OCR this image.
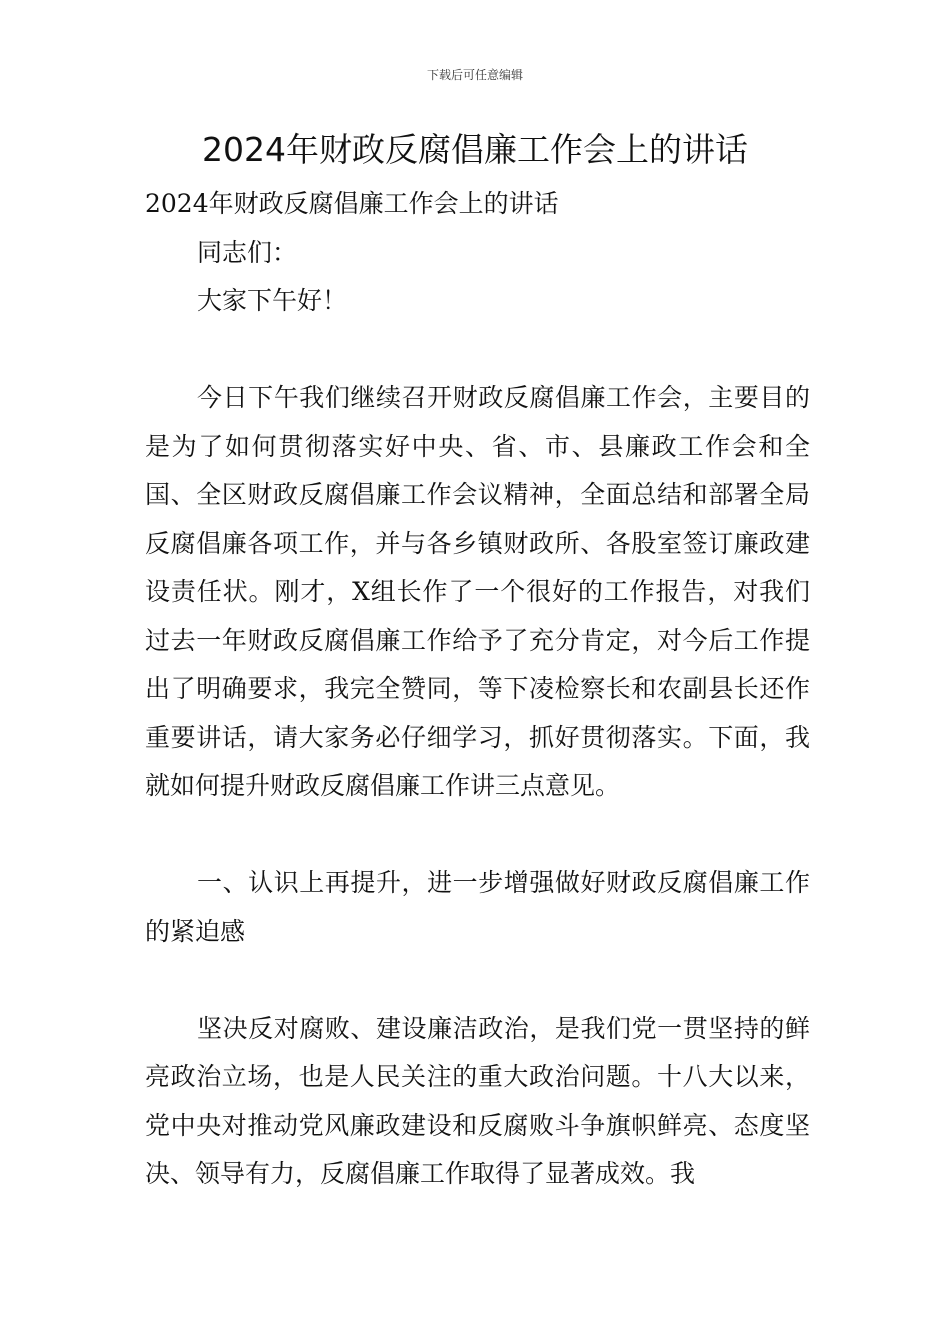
下载后可任意编辑
2024年财政反腐倡廉工作会上的讲话

2024年财政反腐倡廉工作会上的讲话

同志们：

大家下午好！

今日下午我们继续召开财政反腐倡廉工作会，主要目的是为了如何贯彻落实好中央、省、市、县廉政工作会和全国、全区财政反腐倡廉工作会议精神，全面总结和部署全局反腐倡廉各项工作，并与各乡镇财政所、各股室签订廉政建设责任状。刚才，X组长作了一个很好的工作报告，对我们过去一年财政反腐倡廉工作给予了充分肯定，对今后工作提出了明确要求，我完全赞同，等下凌检察长和农副县长还作重要讲话，请大家务必仔细学习，抓好贯彻落实。下面，我就如何提升财政反腐倡廉工作讲三点意见。

一、认识上再提升，进一步增强做好财政反腐倡廉工作的紧迫感

坚决反对腐败、建设廉洁政治，是我们党一贯坚持的鲜亮政治立场，也是人民关注的重大政治问题。十八大以来，党中央对推动党风廉政建设和反腐败斗争旗帜鲜亮、态度坚决、领导有力，反腐倡廉工作取得了显著成效。我
